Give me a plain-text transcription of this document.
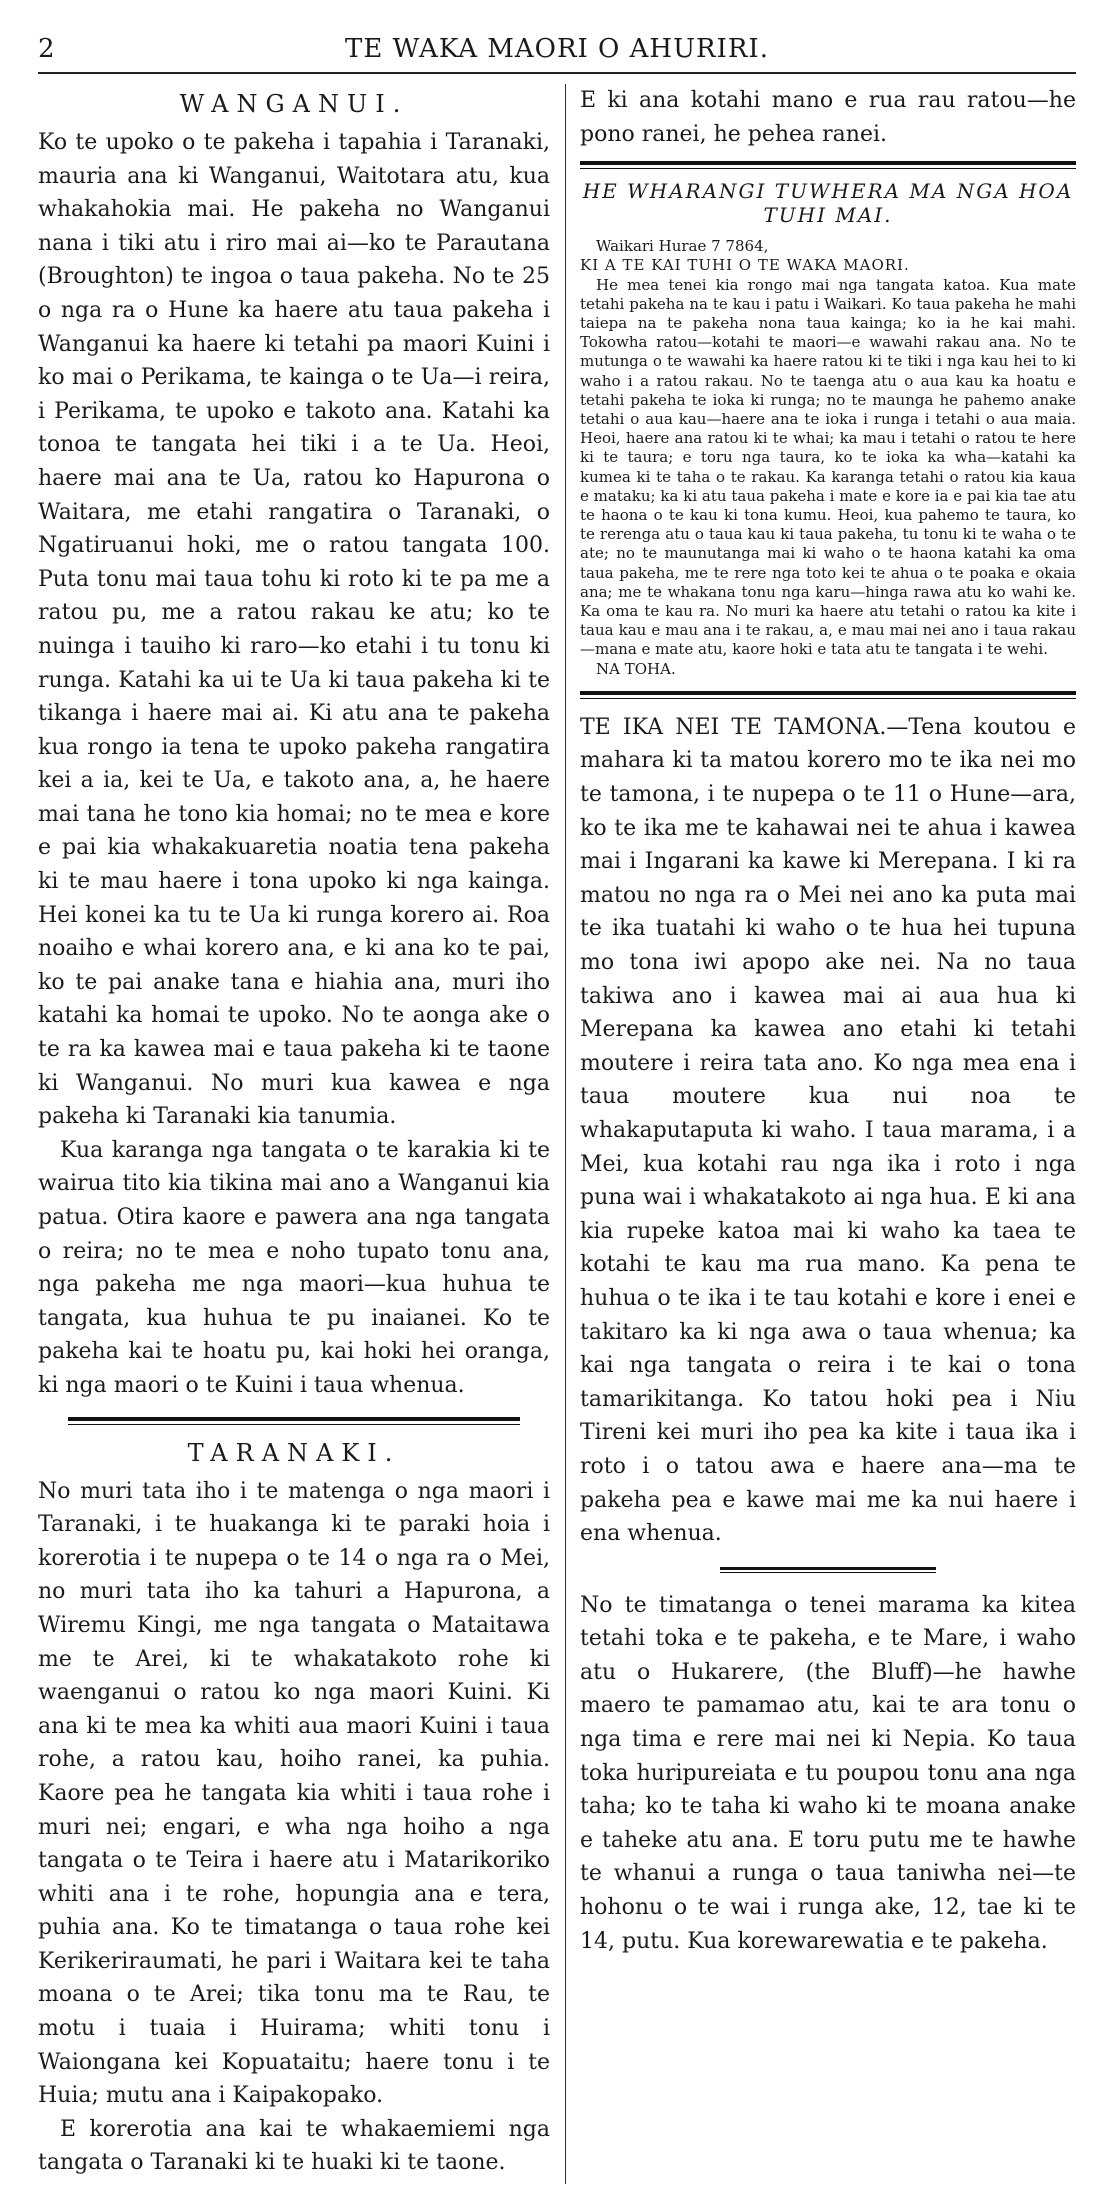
2	TE WAKA MAORI O AHURIRI.
WANGANUI.

Ko te upoko o te pakeha i tapahia i Taranaki, mauria ana ki Wanganui, Waitotara atu, kua whakahokia mai. He pakeha no Wanganui nana i tiki atu i riro mai ai—ko te Parautana (Broughton) te ingoa o taua pakeha. No te 25 o nga ra o Hune ka haere atu taua pakeha i Wanganui ka haere ki tetahi pa maori Kuini i ko mai o Perikama, te kainga o te Ua—i reira, i Perikama, te upoko e takoto ana. Katahi ka tonoa te tangata hei tiki i a te Ua. Heoi, haere mai ana te Ua, ratou ko Hapurona o Waitara, me etahi rangatira o Taranaki, o Ngatiruanui hoki, me o ratou tangata 100. Puta tonu mai taua tohu ki roto ki te pa me a ratou pu, me a ratou rakau ke atu; ko te nuinga i tauiho ki raro—ko etahi i tu tonu ki runga. Katahi ka ui te Ua ki taua pakeha ki te tikanga i haere mai ai. Ki atu ana te pakeha kua rongo ia tena te upoko pakeha rangatira kei a ia, kei te Ua, e takoto ana, a, he haere mai tana he tono kia homai; no te mea e kore e pai kia whakakuaretia noatia tena pakeha ki te mau haere i tona upoko ki nga kainga. Hei konei ka tu te Ua ki runga korero ai. Roa noaiho e whai korero ana, e ki ana ko te pai, ko te pai anake tana e hiahia ana, muri iho katahi ka homai te upoko. No te aonga ake o te ra ka kawea mai e taua pakeha ki te taone ki Wanganui. No muri kua kawea e nga pakeha ki Taranaki kia tanumia.

Kua karanga nga tangata o te karakia ki te wairua tito kia tikina mai ano a Wanganui kia patua. Otira kaore e pawera ana nga tangata o reira; no te mea e noho tupato tonu ana, nga pakeha me nga maori—kua huhua te tangata, kua huhua te pu inaianei. Ko te pakeha kai te hoatu pu, kai hoki hei oranga, ki nga maori o te Kuini i taua whenua.

TARANAKI.

No muri tata iho i te matenga o nga maori i Taranaki, i te huakanga ki te paraki hoia i korerotia i te nupepa o te 14 o nga ra o Mei, no muri tata iho ka tahuri a Hapurona, a Wiremu Kingi, me nga tangata o Mataitawa me te Arei, ki te whakatakoto rohe ki waenganui o ratou ko nga maori Kuini. Ki ana ki te mea ka whiti aua maori Kuini i taua rohe, a ratou kau, hoiho ranei, ka puhia. Kaore pea he tangata kia whiti i taua rohe i muri nei; engari, e wha nga hoiho a nga tangata o te Teira i haere atu i Matarikoriko whiti ana i te rohe, hopungia ana e tera, puhia ana. Ko te timatanga o taua rohe kei Kerikeriraumati, he pari i Waitara kei te taha moana o te Arei; tika tonu ma te Rau, te motu i tuaia i Huirama; whiti tonu i Waiongana kei Kopuataitu; haere tonu i te Huia; mutu ana i Kaipakopako.

E korerotia ana kai te whakaemiemi nga tangata o Taranaki ki te huaki ki te taone.

E ki ana kotahi mano e rua rau ratou—he pono ranei, he pehea ranei.

HE WHARANGI TUWHERA MA NGA HOA TUHI MAI.

Waikari Hurae 7 7864,

KI A TE KAI TUHI O TE WAKA MAORI.

He mea tenei kia rongo mai nga tangata katoa. Kua mate tetahi pakeha na te kau i patu i Waikari. Ko taua pakeha he mahi taiepa na te pakeha nona taua kainga; ko ia he kai mahi. Tokowha ratou—kotahi te maori—e wawahi rakau ana. No te mutunga o te wawahi ka haere ratou ki te tiki i nga kau hei to ki waho i a ratou rakau. No te taenga atu o aua kau ka hoatu e tetahi pakeha te ioka ki runga; no te maunga he pahemo anake tetahi o aua kau—haere ana te ioka i runga i tetahi o aua maia. Heoi, haere ana ratou ki te whai; ka mau i tetahi o ratou te here ki te taura; e toru nga taura, ko te ioka ka wha—katahi ka kumea ki te taha o te rakau. Ka karanga tetahi o ratou kia kaua e mataku; ka ki atu taua pakeha i mate e kore ia e pai kia tae atu te haona o te kau ki tona kumu. Heoi, kua pahemo te taura, ko te rerenga atu o taua kau ki taua pakeha, tu tonu ki te waha o te ate; no te maunutanga mai ki waho o te haona katahi ka oma taua pakeha, me te rere nga toto kei te ahua o te poaka e okaia ana; me te whakana tonu nga karu—hinga rawa atu ko wahi ke. Ka oma te kau ra. No muri ka haere atu tetahi o ratou ka kite i taua kau e mau ana i te rakau, a, e mau mai nei ano i taua rakau—mana e mate atu, kaore hoki e tata atu te tangata i te wehi.

NA TOHA.

TE IKA NEI TE TAMONA.—Tena koutou e mahara ki ta matou korero mo te ika nei mo te tamona, i te nupepa o te 11 o Hune—ara, ko te ika me te kahawai nei te ahua i kawea mai i Ingarani ka kawe ki Merepana. I ki ra matou no nga ra o Mei nei ano ka puta mai te ika tuatahi ki waho o te hua hei tupuna mo tona iwi apopo ake nei. Na no taua takiwa ano i kawea mai ai aua hua ki Merepana ka kawea ano etahi ki tetahi moutere i reira tata ano. Ko nga mea ena i taua moutere kua nui noa te whakaputaputa ki waho. I taua marama, i a Mei, kua kotahi rau nga ika i roto i nga puna wai i whakatakoto ai nga hua. E ki ana kia rupeke katoa mai ki waho ka taea te kotahi te kau ma rua mano. Ka pena te huhua o te ika i te tau kotahi e kore i enei e takitaro ka ki nga awa o taua whenua; ka kai nga tangata o reira i te kai o tona tamarikitanga. Ko tatou hoki pea i Niu Tireni kei muri iho pea ka kite i taua ika i roto i o tatou awa e haere ana—ma te pakeha pea e kawe mai me ka nui haere i ena whenua.

No te timatanga o tenei marama ka kitea tetahi toka e te pakeha, e te Mare, i waho atu o Hukarere, (the Bluff)—he hawhe maero te pamamao atu, kai te ara tonu o nga tima e rere mai nei ki Nepia. Ko taua toka huripureiata e tu poupou tonu ana nga taha; ko te taha ki waho ki te moana anake e taheke atu ana. E toru putu me te hawhe te whanui a runga o taua taniwha nei—te hohonu o te wai i runga ake, 12, tae ki te 14, putu. Kua korewarewatia e te pakeha.
